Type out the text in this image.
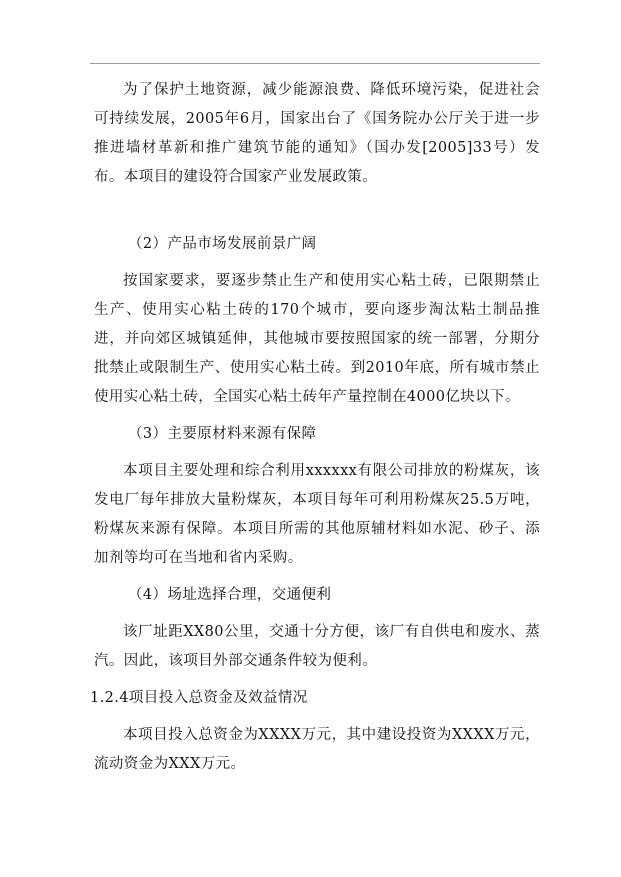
为了保护土地资源，减少能源浪费、降低环境污染，促进社会可持续发展，2005年6月，国家出台了《国务院办公厅关于进一步推进墙材革新和推广建筑节能的通知》（国办发[2005]33号）发布。本项目的建设符合国家产业发展政策。

（2）产品市场发展前景广阔

按国家要求，要逐步禁止生产和使用实心粘土砖，已限期禁止生产、使用实心粘土砖的170个城市，要向逐步淘汰粘土制品推进，并向郊区城镇延伸，其他城市要按照国家的统一部署，分期分批禁止或限制生产、使用实心粘土砖。到2010年底，所有城市禁止使用实心粘土砖，全国实心粘土砖年产量控制在4000亿块以下。

（3）主要原材料来源有保障

本项目主要处理和综合利用xxxxxx有限公司排放的粉煤灰，该发电厂每年排放大量粉煤灰，本项目每年可利用粉煤灰25.5万吨，粉煤灰来源有保障。本项目所需的其他原辅材料如水泥、砂子、添加剂等均可在当地和省内采购。

（4）场址选择合理，交通便利

该厂址距XX80公里，交通十分方便，该厂有自供电和废水、蒸汽。因此，该项目外部交通条件较为便利。

1.2.4项目投入总资金及效益情况

本项目投入总资金为XXXX万元，其中建设投资为XXXX万元，流动资金为XXX万元。
